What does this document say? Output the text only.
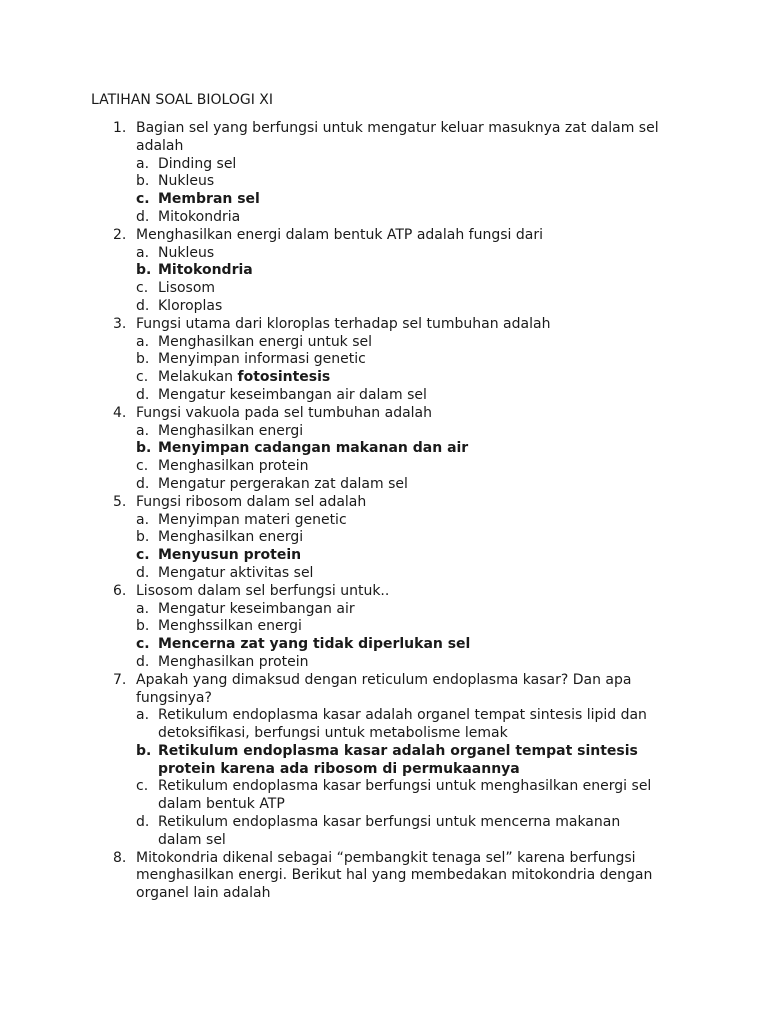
LATIHAN SOAL BIOLOGI XI
1. Bagian sel yang berfungsi untuk mengatur keluar masuknya zat dalam sel adalah
a. Dinding sel
b. Nukleus
c. Membran sel
d. Mitokondria
2. Menghasilkan energi dalam bentuk ATP adalah fungsi dari
a. Nukleus
b. Mitokondria
c. Lisosom
d. Kloroplas
3. Fungsi utama dari kloroplas terhadap sel tumbuhan adalah
a. Menghasilkan energi untuk sel
b. Menyimpan informasi genetic
c. Melakukan fotosintesis
d. Mengatur keseimbangan air dalam sel
4. Fungsi vakuola pada sel tumbuhan adalah
a. Menghasilkan energi
b. Menyimpan cadangan makanan dan air
c. Menghasilkan protein
d. Mengatur pergerakan zat dalam sel
5. Fungsi ribosom dalam sel adalah
a. Menyimpan materi genetic
b. Menghasilkan energi
c. Menyusun protein
d. Mengatur aktivitas sel
6. Lisosom dalam sel berfungsi untuk..
a. Mengatur keseimbangan air
b. Menghssilkan energi
c. Mencerna zat yang tidak diperlukan sel
d. Menghasilkan protein
7. Apakah yang dimaksud dengan reticulum endoplasma kasar? Dan apa fungsinya?
a. Retikulum endoplasma kasar adalah organel tempat sintesis lipid dan detoksifikasi, berfungsi untuk metabolisme lemak
b. Retikulum endoplasma kasar adalah organel tempat sintesis protein karena ada ribosom di permukaannya
c. Retikulum endoplasma kasar berfungsi untuk menghasilkan energi sel dalam bentuk ATP
d. Retikulum endoplasma kasar berfungsi untuk mencerna makanan dalam sel
8. Mitokondria dikenal sebagai “pembangkit tenaga sel” karena berfungsi menghasilkan energi. Berikut hal yang membedakan mitokondria dengan organel lain adalah
